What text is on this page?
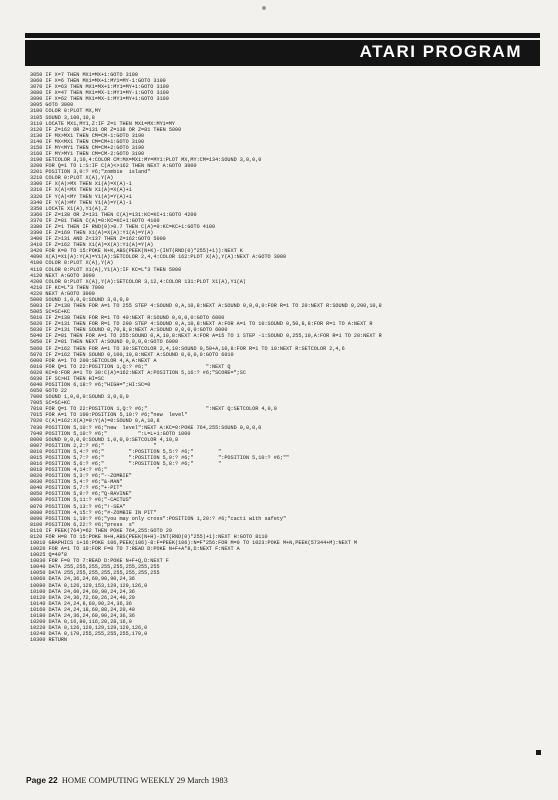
ATARI PROGRAM
3050 IF X=7 THEN MX1=MX+1:GOTO 3100
3060 IF X=6 THEN MX1=MX+1:MY1=MY-1:GOTO 3100
3070 IF X=63 THEN MX1=MX+1:MY1=MY+1:GOTO 3100
3080 IF X=47 THEN MX1=MX-1:MY1=MY-1:GOTO 3100
3090 IF X=62 THEN MX1=MX-1:MY1=MY+1:GOTO 3100
3095 GOTO 3000
3100 COLOR 0:PLOT MX,MY
3105 SOUND 3,100,10,8
3110 LOCATE MX1,MY1,Z:IF Z=1 THEN MX1=MX:MY1=MY
3120 IF Z=162 OR Z=131 OR Z=138 OR Z=81 THEN 5000
3130 IF MX>MX1 THEN CM=CM-1:GOTO 3190
3140 IF MX<MX1 THEN CM=CM+1:GOTO 3190
3150 IF MY<MY1 THEN CM=CM+2:GOTO 3190
3160 IF MY>MY1 THEN CM=CM-2:GOTO 3190
3190 SETCOLOR 3,10,4:COLOR CM:MX=MX1:MY=MY1:PLOT MX,MY:CM=134:SOUND 3,0,0,0
3200 FOR Q=1 TO L:S:IF C(A)<>162 THEN NEXT A:GOTO 3000
3201 POSITION 3,0:? #6;"zombie  island"
3210 COLOR 0:PLOT X(A),Y(A)
3300 IF X(A)>MX THEN X1(A)=X(A)-1
3310 IF X(A)<MX THEN X1(A)=X(A)+1
3320 IF Y(A)<MY THEN Y1(A)=Y(A)+1
3340 IF Y(A)>MY THEN Y1(A)=Y(A)-1
3350 LOCATE X1(A),Y1(A),Z
3360 IF Z=138 OR Z=131 THEN C(A)=131:KC=KC+1:GOTO 4200
3370 IF Z=81 THEN C(A)=0:KC=KC+1:GOTO 4100
3380 IF Z=1 THEN IF RND(0)>0.7 THEN C(A)=0:KC=KC+1:GOTO 4100
3390 IF Z=169 THEN X1(A)=X(A):Y1(A)=Y(A)
3400 IF Z>131 AND Z<137 THEN Z=162:GOTO 5000
3410 IF Z=162 THEN X1(A)=X(A):Y1(A)=Y(A)
3420 FOR K=0 TO 15:POKE N+K,ABS(PEEK(N+K)-(INT(RND(0)*255)+1)):NEXT K
4090 X(A)=X1(A):Y(A)=Y1(A):SETCOLOR 2,4,4:COLOR 162:PLOT X(A),Y(A):NEXT A:GOTO 3000
4100 COLOR 0:PLOT X(A),Y(A)
4110 COLOR 0:PLOT X1(A),Y1(A):IF KC=L*3 THEN 5000
4120 NEXT A:GOTO 3000
4200 COLOR 0:PLOT X(A),Y(A):SETCOLOR 3,12,4:COLOR 131:PLOT X1(A),Y1(A)
4210 IF KC=L*3 THEN 7000
4220 NEXT A:GOTO 3000
5000 SOUND 1,0,0,0:SOUND 3,0,0,0
5003 IF Z=138 THEN FOR A=1 TO 255 STEP 4:SOUND 0,A,10,8:NEXT A:SOUND 0,0,0,0:FOR R=1 TO 20:NEXT R:SOUND 0,200,10,8
5005 SC=SC+KC
5010 IF Z=138 THEN FOR R=1 TO 40:NEXT R:SOUND 0,0,0,0:GOTO 6000
5020 IF Z=131 THEN FOR R=1 TO 200 STEP 4:SOUND 0,A,10,8:NEXT A:FOR A=1 TO 10:SOUND 0,50,8,8:FOR R=1 TO A:NEXT R
5030 IF Z=131 THEN SOUND 0,70,8,8:NEXT A:SOUND 0,0,0,0:GOTO 6000
5040 IF Z=81 THEN FOR A=1 TO 255:SOUND 0,A,10,8:NEXT A:FOR A=15 TO 1 STEP -1:SOUND 0,255,10,A:FOR R=1 TO 20:NEXT R
5050 IF Z=81 THEN NEXT A:SOUND 0,0,0,0:GOTO 6000
5060 IF Z=162 THEN FOR A=1 TO 30:SETCOLOR 2,4,10:SOUND 0,50+A,10,8:FOR R=1 TO 10:NEXT R:SETCOLOR 2,4,6
5070 IF Z=162 THEN SOUND 0,100,10,8:NEXT A:SOUND 0,0,0,0:GOTO 6010
6000 FOR A=1 TO 200:SETCOLOR 4,A,A:NEXT A
6010 FOR Q=1 TO 22:POSITION 1,Q:? #6;"                   ":NEXT Q
6020 KC=0:FOR A=1 TO 30:C(A)=162:NEXT A:POSITION 5,16:? #6;"SCORE=";SC
6030 IF SC>HI THEN HI=SC
6040 POSITION 6,18:? #6;"HIGH=";HI:SC=0
6050 GOTO 22
7000 SOUND 1,0,0,0:SOUND 3,0,0,0
7005 SC=SC+KC
7010 FOR Q=1 TO 22:POSITION 1,Q:? #6;"                   ":NEXT Q:SETCOLOR 4,0,0
7015 FOR A=1 TO 100:POSITION 5,10:? #6;"new  level"
7020 C(A)=162:X(A)=0:Y(A)=0:SOUND 0,A,10,8
7030 POSITION 5,10:? #6;"new  level":NEXT A:KC=0:POKE 764,255:SOUND 0,0,0,0
7040 POSITION 5,10:? #6;"          ":L=L+1:GOTO 1000
8000 SOUND 0,0,0,0:SOUND 1,0,0,0:SETCOLOR 4,10,8
8007 POSITION 2,2:? #6;"                "
8010 POSITION 5,4:? #6;"        ":POSITION 5,5:? #6;"        "
8015 POSITION 5,7:? #6;"        ":POSITION 5,9:? #6;"        ":POSITION 5,10:? #6;""
8016 POSITION 5,6:? #6;"        ":POSITION 5,8:? #6;"        "
8018 POSITION 4,14:? #6;"                "
8020 POSITION 5,3:? #6;"--ZOMBIE"
8030 POSITION 5,4:? #6;"&-MAN"
8040 POSITION 5,7:? #6;"+-PIT"
8050 POSITION 5,9:? #6;"Q-RAVINE"
8060 POSITION 5,11:? #6;"-CACTUS"
8070 POSITION 5,13:? #6;"!-SEA"
8080 POSITION 4,15:? #6;"#-ZOMBIE IN PIT"
8090 POSITION 1,19:? #6;"you may only cross":POSITION 1,20:? #6;"cacti with safety"
8100 POSITION 6,22:? #6;"press  s"
8110 IF PEEK(764)=62 THEN POKE 764,255:GOTO 20
8120 FOR H=8 TO 15:POKE N+H,ABS(PEEK(N+H)-INT(RND(0)*255)+1):NEXT H:GOTO 8110
10010 GRAPHICS 1+16:POKE 106,PEEK(106)-8:F=PEEK(106):N=F*256:FOR M=0 TO 1023:POKE M+N,PEEK(57344+M):NEXT M
10020 FOR A=1 TO 10:FOR F=0 TO 7:READ D:POKE N+F+A*8,D:NEXT F:NEXT A
10025 Q=49*8
10030 FOR F=0 TO 7:READ D:POKE N+F+Q,D:NEXT F
10040 DATA 255,255,255,255,255,255,255,255
10050 DATA 255,255,255,255,255,255,255,255
10060 DATA 24,36,24,60,90,90,24,36
10080 DATA 0,126,129,153,129,129,126,0
10100 DATA 24,60,24,60,90,24,24,36
10120 DATA 24,36,72,60,26,24,40,20
10140 DATA 24,24,8,60,90,24,36,36
10160 DATA 24,24,18,60,88,24,20,40
10180 DATA 24,36,24,60,90,24,36,36
10200 DATA 0,16,80,116,20,28,16,0
10220 DATA 0,126,129,129,129,129,126,0
10240 DATA 0,170,255,255,255,255,170,0
10300 RETURN

Page 22 HOME COMPUTING WEEKLY 29 March 1983
